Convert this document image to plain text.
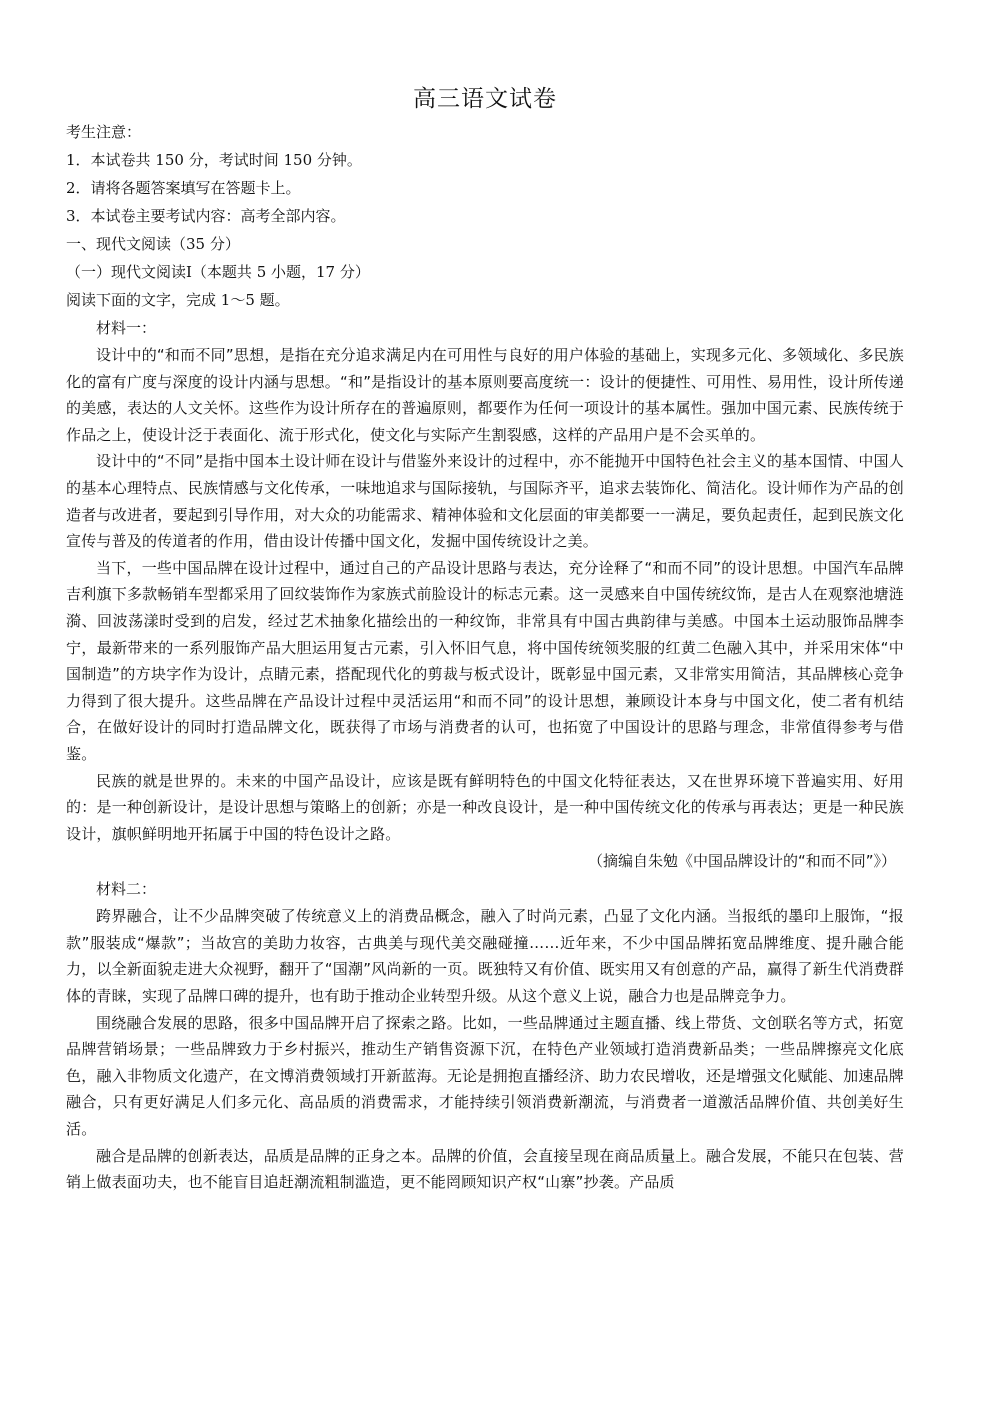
高三语文试卷
考生注意：
1．本试卷共 150 分，考试时间 150 分钟。
2．请将各题答案填写在答题卡上。
3．本试卷主要考试内容：高考全部内容。
一、现代文阅读（35 分）
（一）现代文阅读Ⅰ（本题共 5 小题，17 分）
阅读下面的文字，完成 1～5 题。
材料一：

设计中的“和而不同”思想，是指在充分追求满足内在可用性与良好的用户体验的基础上，实现多元化、多领域化、多民族化的富有广度与深度的设计内涵与思想。“和”是指设计的基本原则要高度统一：设计的便捷性、可用性、易用性，设计所传递的美感，表达的人文关怀。这些作为设计所存在的普遍原则，都要作为任何一项设计的基本属性。强加中国元素、民族传统于作品之上，使设计泛于表面化、流于形式化，使文化与实际产生割裂感，这样的产品用户是不会买单的。

设计中的“不同”是指中国本土设计师在设计与借鉴外来设计的过程中，亦不能抛开中国特色社会主义的基本国情、中国人的基本心理特点、民族情感与文化传承，一味地追求与国际接轨，与国际齐平，追求去装饰化、简洁化。设计师作为产品的创造者与改进者，要起到引导作用，对大众的功能需求、精神体验和文化层面的审美都要一一满足，要负起责任，起到民族文化宣传与普及的传道者的作用，借由设计传播中国文化，发掘中国传统设计之美。

当下，一些中国品牌在设计过程中，通过自己的产品设计思路与表达，充分诠释了“和而不同”的设计思想。中国汽车品牌吉利旗下多款畅销车型都采用了回纹装饰作为家族式前脸设计的标志元素。这一灵感来自中国传统纹饰，是古人在观察池塘涟漪、回波荡漾时受到的启发，经过艺术抽象化描绘出的一种纹饰，非常具有中国古典韵律与美感。中国本土运动服饰品牌李宁，最新带来的一系列服饰产品大胆运用复古元素，引入怀旧气息，将中国传统领奖服的红黄二色融入其中，并采用宋体“中国制造”的方块字作为设计，点睛元素，搭配现代化的剪裁与板式设计，既彰显中国元素，又非常实用简洁，其品牌核心竞争力得到了很大提升。这些品牌在产品设计过程中灵活运用“和而不同”的设计思想，兼顾设计本身与中国文化，使二者有机结合，在做好设计的同时打造品牌文化，既获得了市场与消费者的认可，也拓宽了中国设计的思路与理念，非常值得参考与借鉴。

民族的就是世界的。未来的中国产品设计，应该是既有鲜明特色的中国文化特征表达，又在世界环境下普遍实用、好用的：是一种创新设计，是设计思想与策略上的创新；亦是一种改良设计，是一种中国传统文化的传承与再表达；更是一种民族设计，旗帜鲜明地开拓属于中国的特色设计之路。

（摘编自朱勉《中国品牌设计的“和而不同”》）
材料二：

跨界融合，让不少品牌突破了传统意义上的消费品概念，融入了时尚元素，凸显了文化内涵。当报纸的墨印上服饰，“报款”服装成“爆款”；当故宫的美助力妆容，古典美与现代美交融碰撞……近年来，不少中国品牌拓宽品牌维度、提升融合能力，以全新面貌走进大众视野，翻开了“国潮”风尚新的一页。既独特又有价值、既实用又有创意的产品，赢得了新生代消费群体的青睐，实现了品牌口碑的提升，也有助于推动企业转型升级。从这个意义上说，融合力也是品牌竞争力。

围绕融合发展的思路，很多中国品牌开启了探索之路。比如，一些品牌通过主题直播、线上带货、文创联名等方式，拓宽品牌营销场景；一些品牌致力于乡村振兴，推动生产销售资源下沉，在特色产业领域打造消费新品类；一些品牌擦亮文化底色，融入非物质文化遗产，在文博消费领域打开新蓝海。无论是拥抱直播经济、助力农民增收，还是增强文化赋能、加速品牌融合，只有更好满足人们多元化、高品质的消费需求，才能持续引领消费新潮流，与消费者一道激活品牌价值、共创美好生活。

融合是品牌的创新表达，品质是品牌的正身之本。品牌的价值，会直接呈现在商品质量上。融合发展，不能只在包装、营销上做表面功夫，也不能盲目追赶潮流粗制滥造，更不能罔顾知识产权“山寨”抄袭。产品质
